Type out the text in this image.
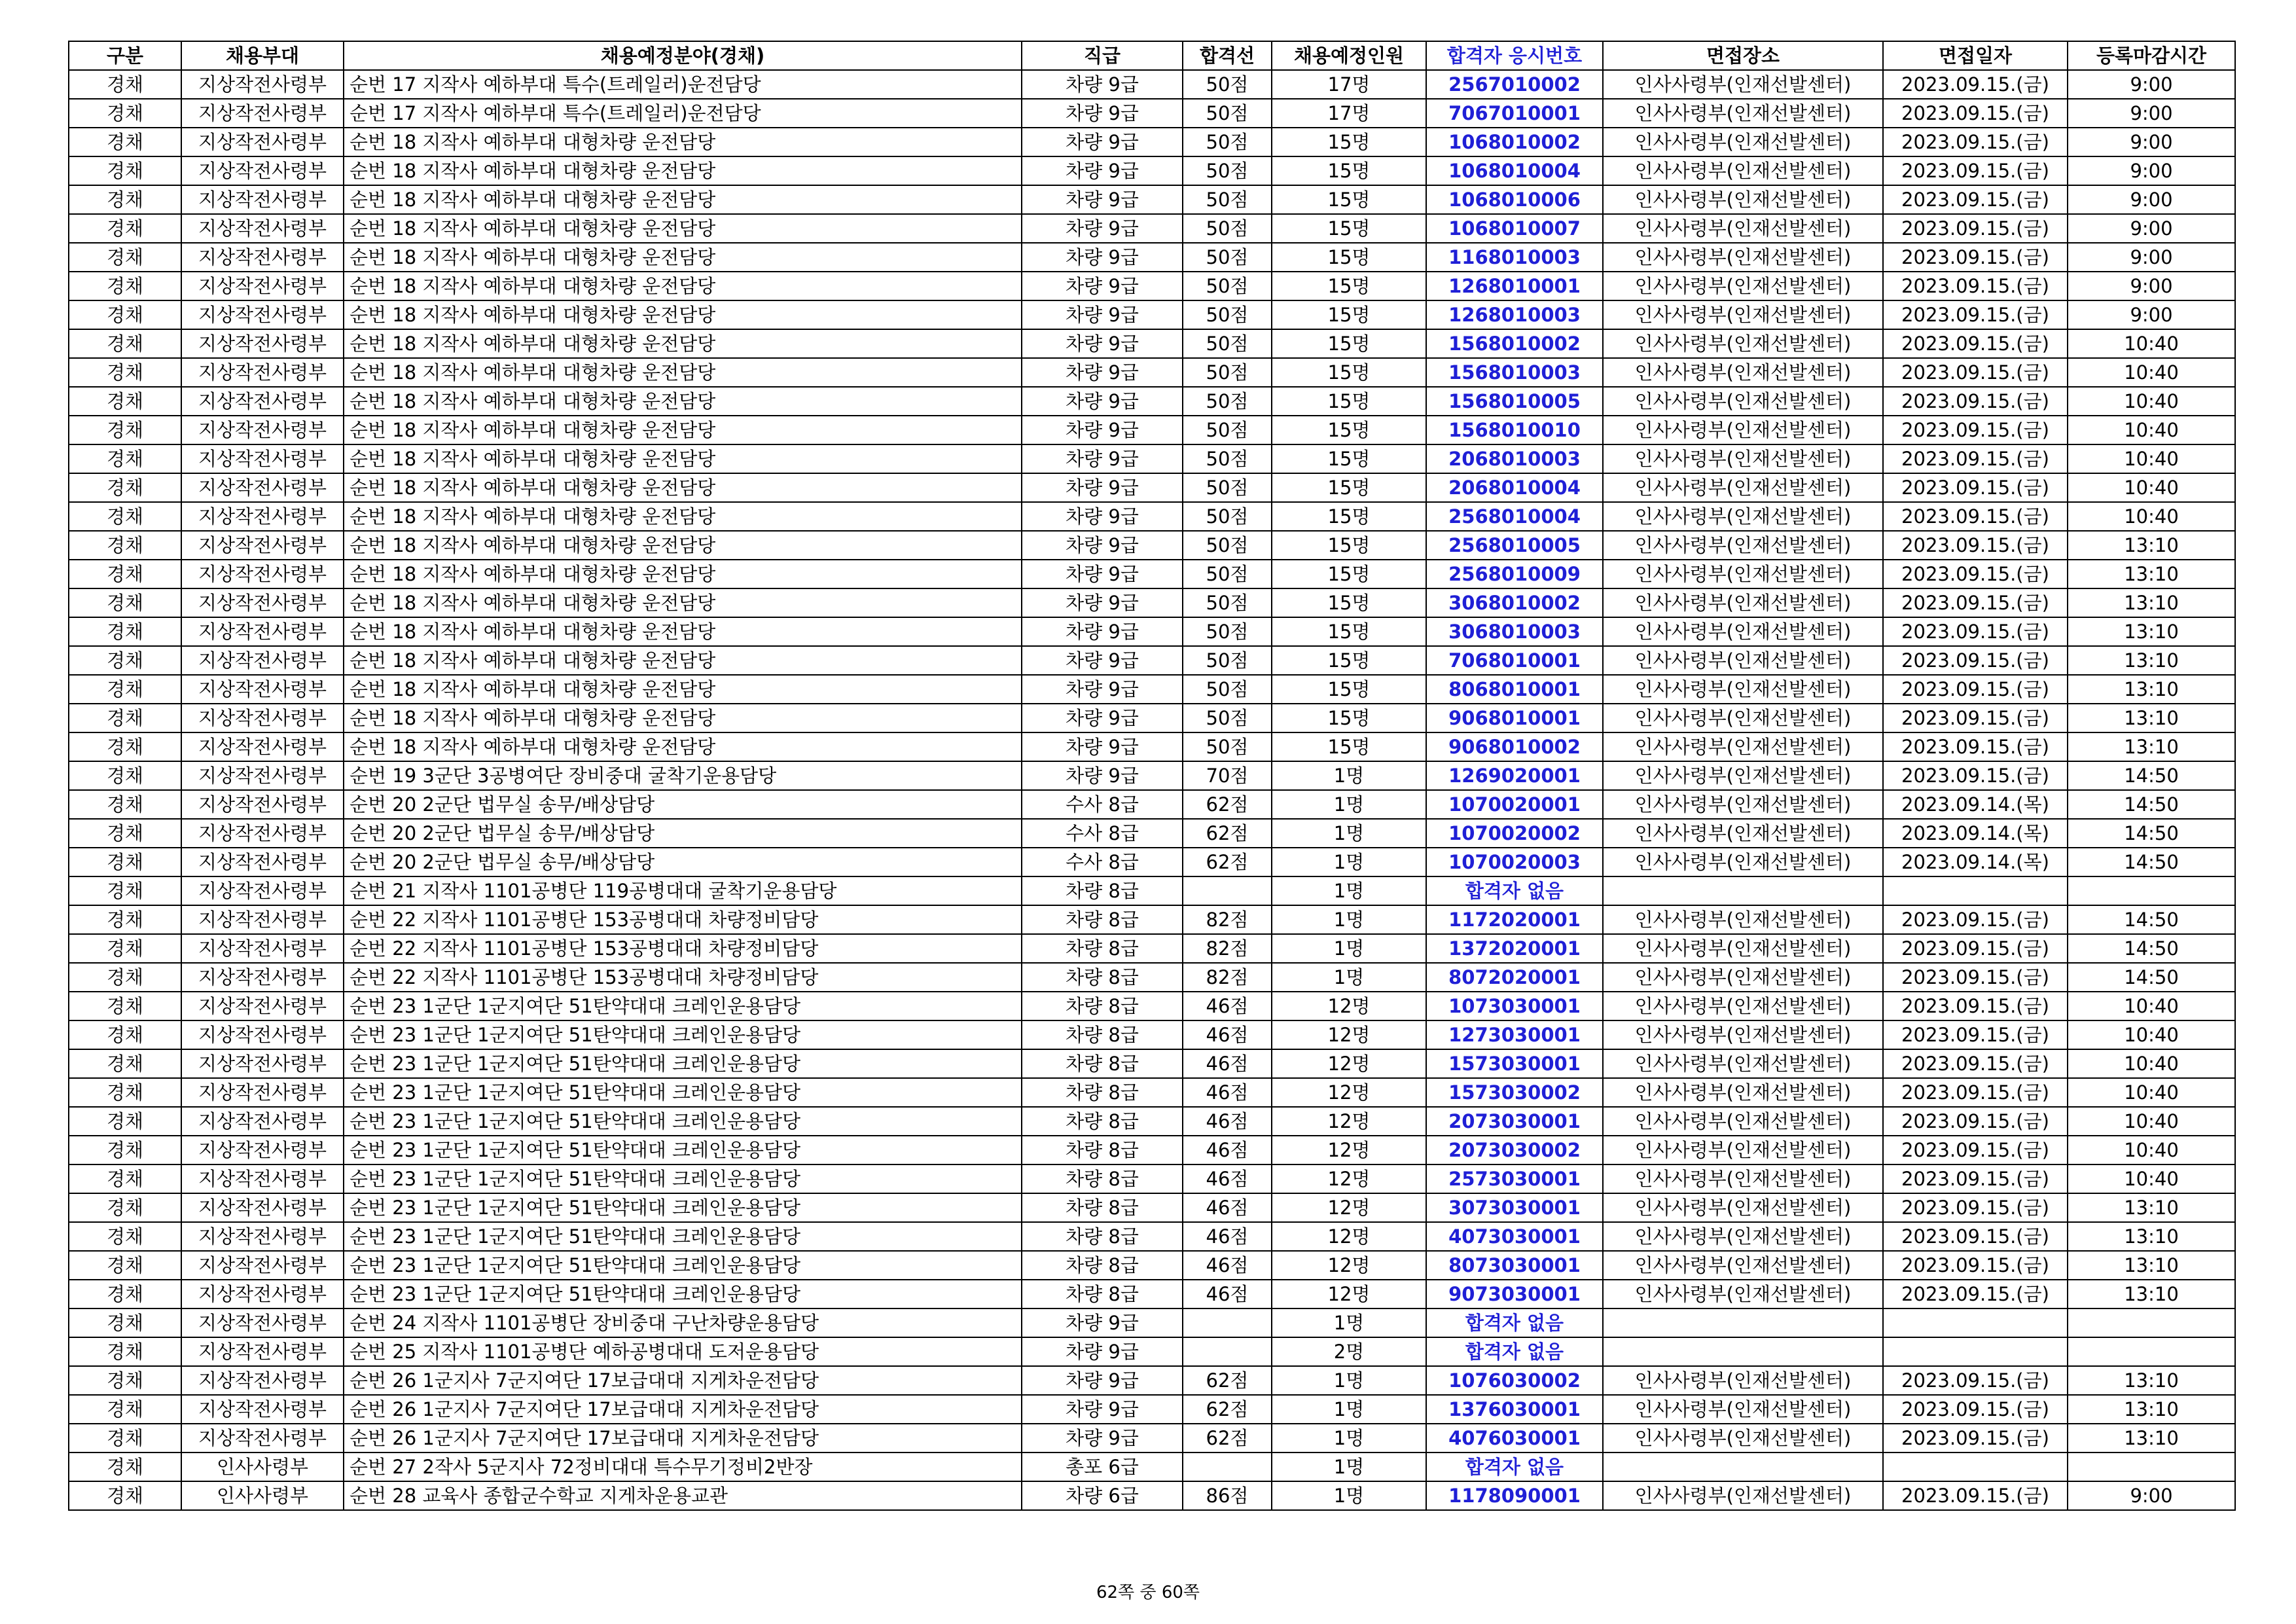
구분	채용부대	채용예정분야(경채)	직급	합격선	채용예정인원	합격자 응시번호	면접장소	면접일자	등록마감시간
경채	지상작전사령부	순번 17 지작사 예하부대 특수(트레일러)운전담당	차량 9급	50점	17명	2567010002	인사사령부(인재선발센터)	2023.09.15.(금)	9:00
경채	지상작전사령부	순번 17 지작사 예하부대 특수(트레일러)운전담당	차량 9급	50점	17명	7067010001	인사사령부(인재선발센터)	2023.09.15.(금)	9:00
경채	지상작전사령부	순번 18 지작사 예하부대 대형차량 운전담당	차량 9급	50점	15명	1068010002	인사사령부(인재선발센터)	2023.09.15.(금)	9:00
경채	지상작전사령부	순번 18 지작사 예하부대 대형차량 운전담당	차량 9급	50점	15명	1068010004	인사사령부(인재선발센터)	2023.09.15.(금)	9:00
경채	지상작전사령부	순번 18 지작사 예하부대 대형차량 운전담당	차량 9급	50점	15명	1068010006	인사사령부(인재선발센터)	2023.09.15.(금)	9:00
경채	지상작전사령부	순번 18 지작사 예하부대 대형차량 운전담당	차량 9급	50점	15명	1068010007	인사사령부(인재선발센터)	2023.09.15.(금)	9:00
경채	지상작전사령부	순번 18 지작사 예하부대 대형차량 운전담당	차량 9급	50점	15명	1168010003	인사사령부(인재선발센터)	2023.09.15.(금)	9:00
경채	지상작전사령부	순번 18 지작사 예하부대 대형차량 운전담당	차량 9급	50점	15명	1268010001	인사사령부(인재선발센터)	2023.09.15.(금)	9:00
경채	지상작전사령부	순번 18 지작사 예하부대 대형차량 운전담당	차량 9급	50점	15명	1268010003	인사사령부(인재선발센터)	2023.09.15.(금)	9:00
경채	지상작전사령부	순번 18 지작사 예하부대 대형차량 운전담당	차량 9급	50점	15명	1568010002	인사사령부(인재선발센터)	2023.09.15.(금)	10:40
경채	지상작전사령부	순번 18 지작사 예하부대 대형차량 운전담당	차량 9급	50점	15명	1568010003	인사사령부(인재선발센터)	2023.09.15.(금)	10:40
경채	지상작전사령부	순번 18 지작사 예하부대 대형차량 운전담당	차량 9급	50점	15명	1568010005	인사사령부(인재선발센터)	2023.09.15.(금)	10:40
경채	지상작전사령부	순번 18 지작사 예하부대 대형차량 운전담당	차량 9급	50점	15명	1568010010	인사사령부(인재선발센터)	2023.09.15.(금)	10:40
경채	지상작전사령부	순번 18 지작사 예하부대 대형차량 운전담당	차량 9급	50점	15명	2068010003	인사사령부(인재선발센터)	2023.09.15.(금)	10:40
경채	지상작전사령부	순번 18 지작사 예하부대 대형차량 운전담당	차량 9급	50점	15명	2068010004	인사사령부(인재선발센터)	2023.09.15.(금)	10:40
경채	지상작전사령부	순번 18 지작사 예하부대 대형차량 운전담당	차량 9급	50점	15명	2568010004	인사사령부(인재선발센터)	2023.09.15.(금)	10:40
경채	지상작전사령부	순번 18 지작사 예하부대 대형차량 운전담당	차량 9급	50점	15명	2568010005	인사사령부(인재선발센터)	2023.09.15.(금)	13:10
경채	지상작전사령부	순번 18 지작사 예하부대 대형차량 운전담당	차량 9급	50점	15명	2568010009	인사사령부(인재선발센터)	2023.09.15.(금)	13:10
경채	지상작전사령부	순번 18 지작사 예하부대 대형차량 운전담당	차량 9급	50점	15명	3068010002	인사사령부(인재선발센터)	2023.09.15.(금)	13:10
경채	지상작전사령부	순번 18 지작사 예하부대 대형차량 운전담당	차량 9급	50점	15명	3068010003	인사사령부(인재선발센터)	2023.09.15.(금)	13:10
경채	지상작전사령부	순번 18 지작사 예하부대 대형차량 운전담당	차량 9급	50점	15명	7068010001	인사사령부(인재선발센터)	2023.09.15.(금)	13:10
경채	지상작전사령부	순번 18 지작사 예하부대 대형차량 운전담당	차량 9급	50점	15명	8068010001	인사사령부(인재선발센터)	2023.09.15.(금)	13:10
경채	지상작전사령부	순번 18 지작사 예하부대 대형차량 운전담당	차량 9급	50점	15명	9068010001	인사사령부(인재선발센터)	2023.09.15.(금)	13:10
경채	지상작전사령부	순번 18 지작사 예하부대 대형차량 운전담당	차량 9급	50점	15명	9068010002	인사사령부(인재선발센터)	2023.09.15.(금)	13:10
경채	지상작전사령부	순번 19 3군단 3공병여단 장비중대 굴착기운용담당	차량 9급	70점	1명	1269020001	인사사령부(인재선발센터)	2023.09.15.(금)	14:50
경채	지상작전사령부	순번 20 2군단 법무실 송무/배상담당	수사 8급	62점	1명	1070020001	인사사령부(인재선발센터)	2023.09.14.(목)	14:50
경채	지상작전사령부	순번 20 2군단 법무실 송무/배상담당	수사 8급	62점	1명	1070020002	인사사령부(인재선발센터)	2023.09.14.(목)	14:50
경채	지상작전사령부	순번 20 2군단 법무실 송무/배상담당	수사 8급	62점	1명	1070020003	인사사령부(인재선발센터)	2023.09.14.(목)	14:50
경채	지상작전사령부	순번 21 지작사 1101공병단 119공병대대 굴착기운용담당	차량 8급		1명	합격자 없음			
경채	지상작전사령부	순번 22 지작사 1101공병단 153공병대대 차량정비담당	차량 8급	82점	1명	1172020001	인사사령부(인재선발센터)	2023.09.15.(금)	14:50
경채	지상작전사령부	순번 22 지작사 1101공병단 153공병대대 차량정비담당	차량 8급	82점	1명	1372020001	인사사령부(인재선발센터)	2023.09.15.(금)	14:50
경채	지상작전사령부	순번 22 지작사 1101공병단 153공병대대 차량정비담당	차량 8급	82점	1명	8072020001	인사사령부(인재선발센터)	2023.09.15.(금)	14:50
경채	지상작전사령부	순번 23 1군단 1군지여단 51탄약대대 크레인운용담당	차량 8급	46점	12명	1073030001	인사사령부(인재선발센터)	2023.09.15.(금)	10:40
경채	지상작전사령부	순번 23 1군단 1군지여단 51탄약대대 크레인운용담당	차량 8급	46점	12명	1273030001	인사사령부(인재선발센터)	2023.09.15.(금)	10:40
경채	지상작전사령부	순번 23 1군단 1군지여단 51탄약대대 크레인운용담당	차량 8급	46점	12명	1573030001	인사사령부(인재선발센터)	2023.09.15.(금)	10:40
경채	지상작전사령부	순번 23 1군단 1군지여단 51탄약대대 크레인운용담당	차량 8급	46점	12명	1573030002	인사사령부(인재선발센터)	2023.09.15.(금)	10:40
경채	지상작전사령부	순번 23 1군단 1군지여단 51탄약대대 크레인운용담당	차량 8급	46점	12명	2073030001	인사사령부(인재선발센터)	2023.09.15.(금)	10:40
경채	지상작전사령부	순번 23 1군단 1군지여단 51탄약대대 크레인운용담당	차량 8급	46점	12명	2073030002	인사사령부(인재선발센터)	2023.09.15.(금)	10:40
경채	지상작전사령부	순번 23 1군단 1군지여단 51탄약대대 크레인운용담당	차량 8급	46점	12명	2573030001	인사사령부(인재선발센터)	2023.09.15.(금)	10:40
경채	지상작전사령부	순번 23 1군단 1군지여단 51탄약대대 크레인운용담당	차량 8급	46점	12명	3073030001	인사사령부(인재선발센터)	2023.09.15.(금)	13:10
경채	지상작전사령부	순번 23 1군단 1군지여단 51탄약대대 크레인운용담당	차량 8급	46점	12명	4073030001	인사사령부(인재선발센터)	2023.09.15.(금)	13:10
경채	지상작전사령부	순번 23 1군단 1군지여단 51탄약대대 크레인운용담당	차량 8급	46점	12명	8073030001	인사사령부(인재선발센터)	2023.09.15.(금)	13:10
경채	지상작전사령부	순번 23 1군단 1군지여단 51탄약대대 크레인운용담당	차량 8급	46점	12명	9073030001	인사사령부(인재선발센터)	2023.09.15.(금)	13:10
경채	지상작전사령부	순번 24 지작사 1101공병단 장비중대 구난차량운용담당	차량 9급		1명	합격자 없음			
경채	지상작전사령부	순번 25 지작사 1101공병단 예하공병대대 도저운용담당	차량 9급		2명	합격자 없음			
경채	지상작전사령부	순번 26 1군지사 7군지여단 17보급대대 지게차운전담당	차량 9급	62점	1명	1076030002	인사사령부(인재선발센터)	2023.09.15.(금)	13:10
경채	지상작전사령부	순번 26 1군지사 7군지여단 17보급대대 지게차운전담당	차량 9급	62점	1명	1376030001	인사사령부(인재선발센터)	2023.09.15.(금)	13:10
경채	지상작전사령부	순번 26 1군지사 7군지여단 17보급대대 지게차운전담당	차량 9급	62점	1명	4076030001	인사사령부(인재선발센터)	2023.09.15.(금)	13:10
경채	인사사령부	순번 27 2작사 5군지사 72정비대대 특수무기정비2반장	총포 6급		1명	합격자 없음			
경채	인사사령부	순번 28 교육사 종합군수학교 지게차운용교관	차량 6급	86점	1명	1178090001	인사사령부(인재선발센터)	2023.09.15.(금)	9:00
62쪽 중 60쪽
